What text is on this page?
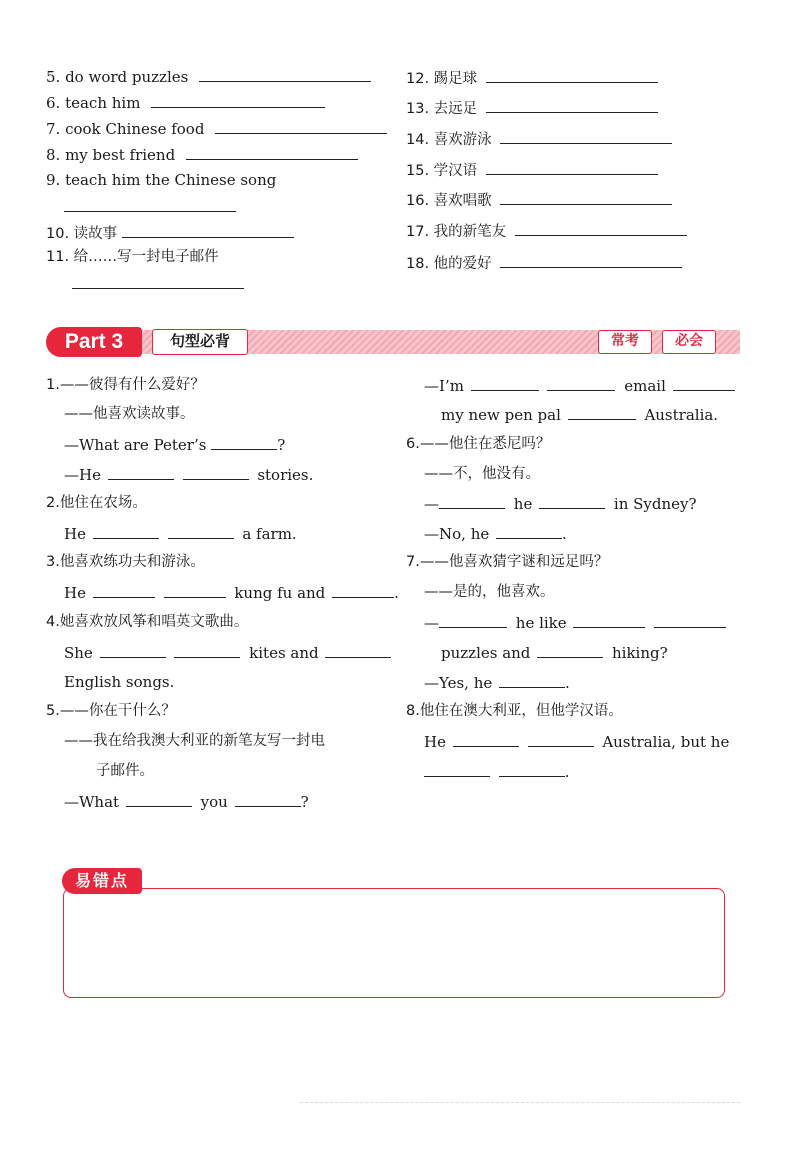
5. do word puzzles
6. teach him
7. cook Chinese food
8. my best friend
9. teach him the Chinese song
10. 读故事
11. 给……写一封电子邮件
12. 踢足球
13. 去远足
14. 喜欢游泳
15. 学汉语
16. 喜欢唱歌
17. 我的新笔友
18. 他的爱好
Part 3	句型必背	常考	必会
1.——彼得有什么爱好？
——他喜欢读故事。
—What are Peter’s	?
—He	stories.
2.他住在农场。
He	a farm.
3.他喜欢练功夫和游泳。
He	kung fu and	.
4.她喜欢放风筝和唱英文歌曲。
She	kites and
English songs.
5.——你在干什么？
——我在给我澳大利亚的新笔友写一封电
子邮件。
—What	you	?
—I’m	email
my new pen pal	Australia.
6.——他住在悉尼吗？
——不，他没有。
—	he	in Sydney?
—No, he	.
7.——他喜欢猜字谜和远足吗？
——是的，他喜欢。
—	he like
puzzles and	hiking?
—Yes, he	.
8.他住在澳大利亚，但他学汉语。
He	Australia, but he
.
易错点
